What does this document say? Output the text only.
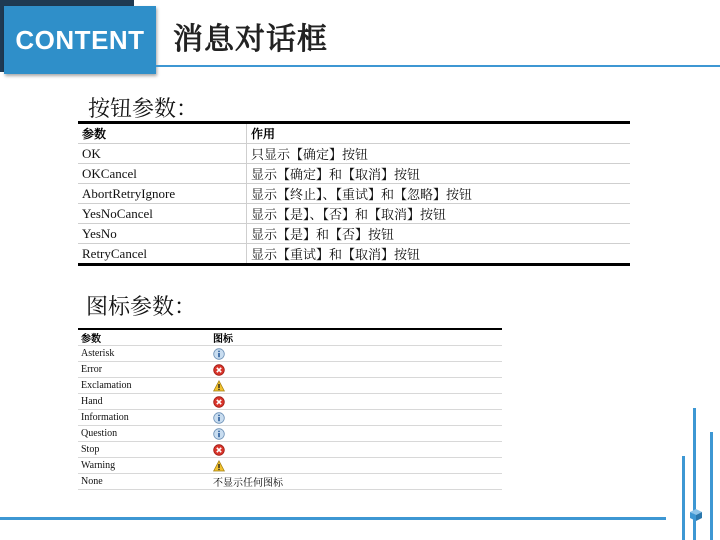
CONTENT 消息对话框
按钮参数：
参数	作用
OK	只显示【确定】按钮
OKCancel	显示【确定】和【取消】按钮
AbortRetryIgnore	显示【终止】、【重试】和【忽略】按钮
YesNoCancel	显示【是】、【否】和【取消】按钮
YesNo	显示【是】和【否】按钮
RetryCancel	显示【重试】和【取消】按钮
图标参数：
参数	图标
Asterisk	
Error	
Exclamation	
Hand	
Information	
Question	
Stop	
Warning	
None	不显示任何图标
